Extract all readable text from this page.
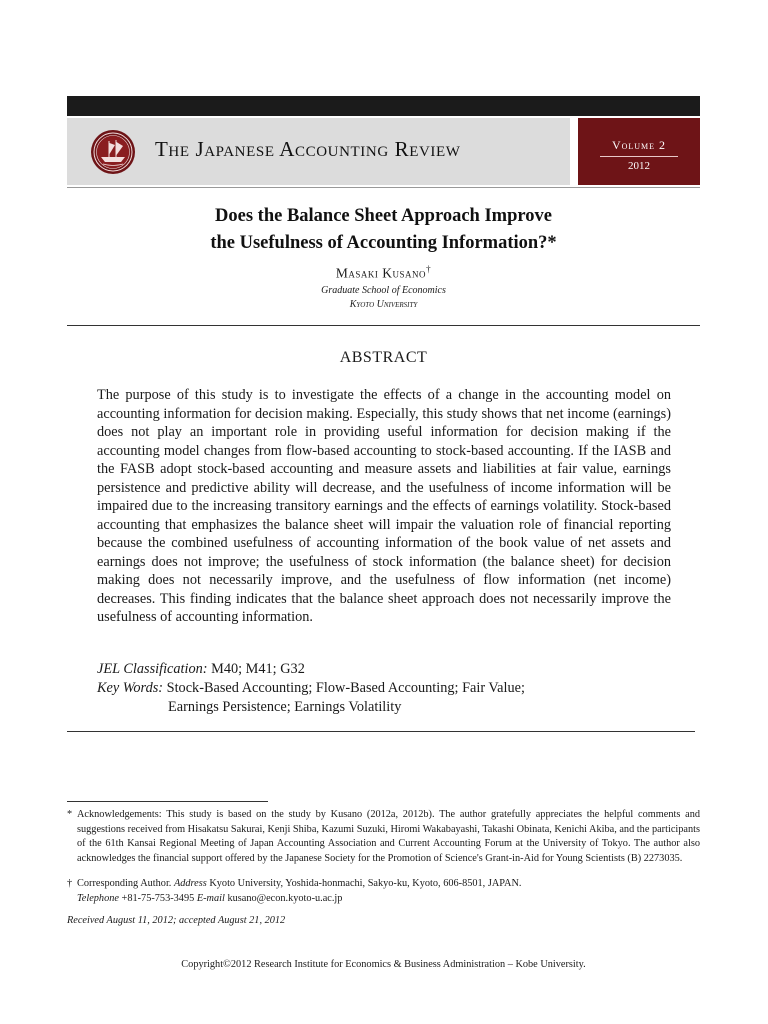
The Japanese Accounting Review	Volume 2
2012
Does the Balance Sheet Approach Improve
the Usefulness of Accounting Information?*
Masaki Kusano†
Graduate School of Economics
Kyoto University
ABSTRACT
The purpose of this study is to investigate the effects of a change in the accounting model on accounting information for decision making. Especially, this study shows that net income (earnings) does not play an important role in providing useful information for decision making if the accounting model changes from flow-based accounting to stock-based accounting. If the IASB and the FASB adopt stock-based accounting and measure assets and liabilities at fair value, earnings persistence and predictive ability will decrease, and the usefulness of income information will be impaired due to the increasing transitory earnings and the effects of earnings volatility. Stock-based accounting that emphasizes the balance sheet will impair the valuation role of financial reporting because the combined usefulness of accounting information of the book value of net assets and earnings does not improve; the usefulness of stock information (the balance sheet) for decision making does not necessarily improve, and the usefulness of flow information (net income) decreases. This finding indicates that the balance sheet approach does not necessarily improve the usefulness of accounting information.
JEL Classification: M40; M41; G32
Key Words: Stock-Based Accounting; Flow-Based Accounting; Fair Value;
Earnings Persistence; Earnings Volatility
* Acknowledgements: This study is based on the study by Kusano (2012a, 2012b). The author gratefully appreciates the helpful comments and suggestions received from Hisakatsu Sakurai, Kenji Shiba, Kazumi Suzuki, Hiromi Wakabayashi, Takashi Obinata, Kenichi Akiba, and the participants of the 61th Kansai Regional Meeting of Japan Accounting Association and Current Accounting Forum at the University of Tokyo. The author also acknowledges the financial support offered by the Japanese Society for the Promotion of Science's Grant-in-Aid for Young Scientists (B) 2273035.
† Corresponding Author. Address Kyoto University, Yoshida-honmachi, Sakyo-ku, Kyoto, 606-8501, JAPAN.
Telephone +81-75-753-3495 E-mail kusano@econ.kyoto-u.ac.jp
Received August 11, 2012; accepted August 21, 2012
Copyright©2012 Research Institute for Economics & Business Administration – Kobe University.
